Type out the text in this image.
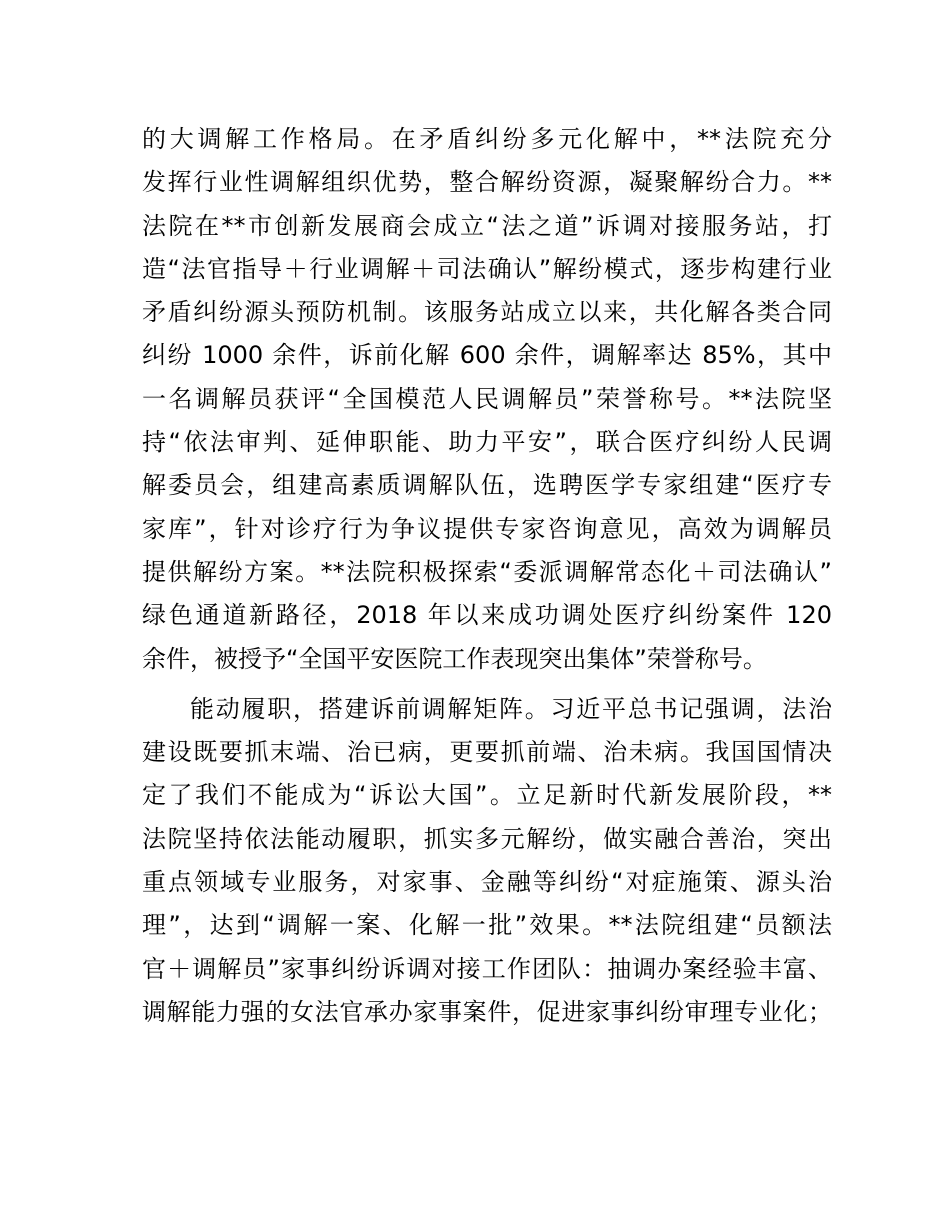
的大调解工作格局。在矛盾纠纷多元化解中，**法院充分
发挥行业性调解组织优势，整合解纷资源，凝聚解纷合力。**
法院在**市创新发展商会成立“法之道”诉调对接服务站，打
造“法官指导＋行业调解＋司法确认”解纷模式，逐步构建行业
矛盾纠纷源头预防机制。该服务站成立以来，共化解各类合同
纠纷 1000 余件，诉前化解 600 余件，调解率达 85%，其中
一名调解员获评“全国模范人民调解员”荣誉称号。**法院坚
持“依法审判、延伸职能、助力平安”，联合医疗纠纷人民调
解委员会，组建高素质调解队伍，选聘医学专家组建“医疗专
家库”，针对诊疗行为争议提供专家咨询意见，高效为调解员
提供解纷方案。**法院积极探索“委派调解常态化＋司法确认”
绿色通道新路径，2018 年以来成功调处医疗纠纷案件 120
余件，被授予“全国平安医院工作表现突出集体”荣誉称号。
能动履职，搭建诉前调解矩阵。习近平总书记强调，法治
建设既要抓末端、治已病，更要抓前端、治未病。我国国情决
定了我们不能成为“诉讼大国”。立足新时代新发展阶段，**
法院坚持依法能动履职，抓实多元解纷，做实融合善治，突出
重点领域专业服务，对家事、金融等纠纷“对症施策、源头治
理”，达到“调解一案、化解一批”效果。**法院组建“员额法
官＋调解员”家事纠纷诉调对接工作团队：抽调办案经验丰富、
调解能力强的女法官承办家事案件，促进家事纠纷审理专业化；
